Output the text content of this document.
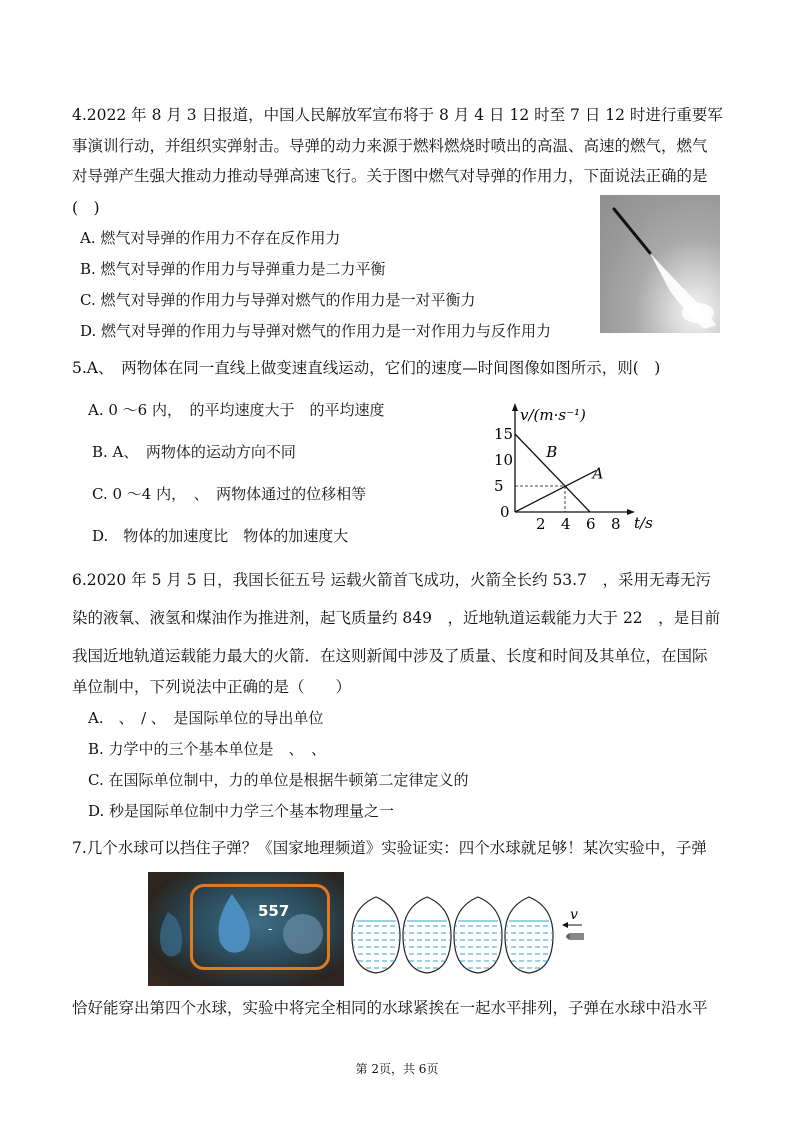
4.2022 年 8 月 3 日报道，中国人民解放军宣布将于 8 月 4 日 12 时至 7 日 12 时进行重要军
事演训行动，并组织实弹射击。导弹的动力来源于燃料燃烧时喷出的高温、高速的燃气，燃气
对导弹产生强大推动力推动导弹高速飞行。关于图中燃气对导弹的作用力，下面说法正确的是
(　)
A. 燃气对导弹的作用力不存在反作用力
B. 燃气对导弹的作用力与导弹重力是二力平衡
C. 燃气对导弹的作用力与导弹对燃气的作用力是一对平衡力
D. 燃气对导弹的作用力与导弹对燃气的作用力是一对作用力与反作用力
5.A、　两物体在同一直线上做变速直线运动，它们的速度—时间图像如图所示，则(　)
A. 0 ～6 内，　的平均速度大于　的平均速度
B. A、　两物体的运动方向不同
C. 0 ～4 内，　、　两物体通过的位移相等
D.　物体的加速度比　物体的加速度大
v/(m·s⁻¹)
t/s
15
10
5
0
2 4 6 8
B
A
6.2020 年 5 月 5 日，我国长征五号 运载火箭首飞成功，火箭全长约 53.7　，采用无毒无污
染的液氧、液氢和煤油作为推进剂，起飞质量约 849　，近地轨道运载能力大于 22　，是目前
我国近地轨道运载能力最大的火箭．在这则新闻中涉及了质量、长度和时间及其单位，在国际
单位制中，下列说法中正确的是（　　）
A.　、　/ 、　是国际单位的导出单位
B. 力学中的三个基本单位是　、　、
C. 在国际单位制中，力的单位是根据牛顿第二定律定义的
D. 秒是国际单位制中力学三个基本物理量之一
7.几个水球可以挡住子弹？《国家地理频道》实验证实：四个水球就足够！某次实验中，子弹
557
-
v
恰好能穿出第四个水球，实验中将完全相同的水球紧挨在一起水平排列，子弹在水球中沿水平
第 2页，共 6页
